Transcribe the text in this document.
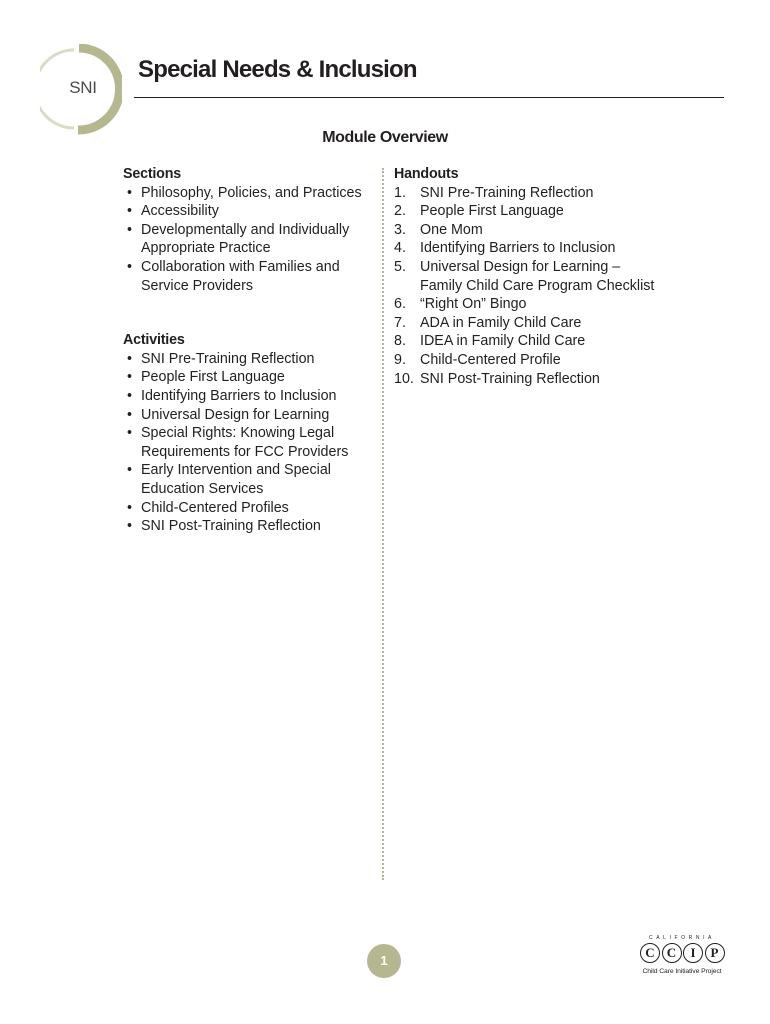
SNI
Special Needs & Inclusion
Module Overview
Sections
• Philosophy, Policies, and Practices
• Accessibility
• Developmentally and Individually
Appropriate Practice
• Collaboration with Families and
Service Providers
Activities
• SNI Pre-Training Reflection
• People First Language
• Identifying Barriers to Inclusion
• Universal Design for Learning
• Special Rights: Knowing Legal
Requirements for FCC Providers
• Early Intervention and Special
Education Services
• Child-Centered Profiles
• SNI Post-Training Reflection
Handouts
1. SNI Pre-Training Reflection
2. People First Language
3. One Mom
4. Identifying Barriers to Inclusion
5. Universal Design for Learning –
Family Child Care Program Checklist
6. “Right On” Bingo
7. ADA in Family Child Care
8. IDEA in Family Child Care
9. Child-Centered Profile
10. SNI Post-Training Reflection
1
CALIFORNIA
C C	I	P
Child Care Initiative Project
